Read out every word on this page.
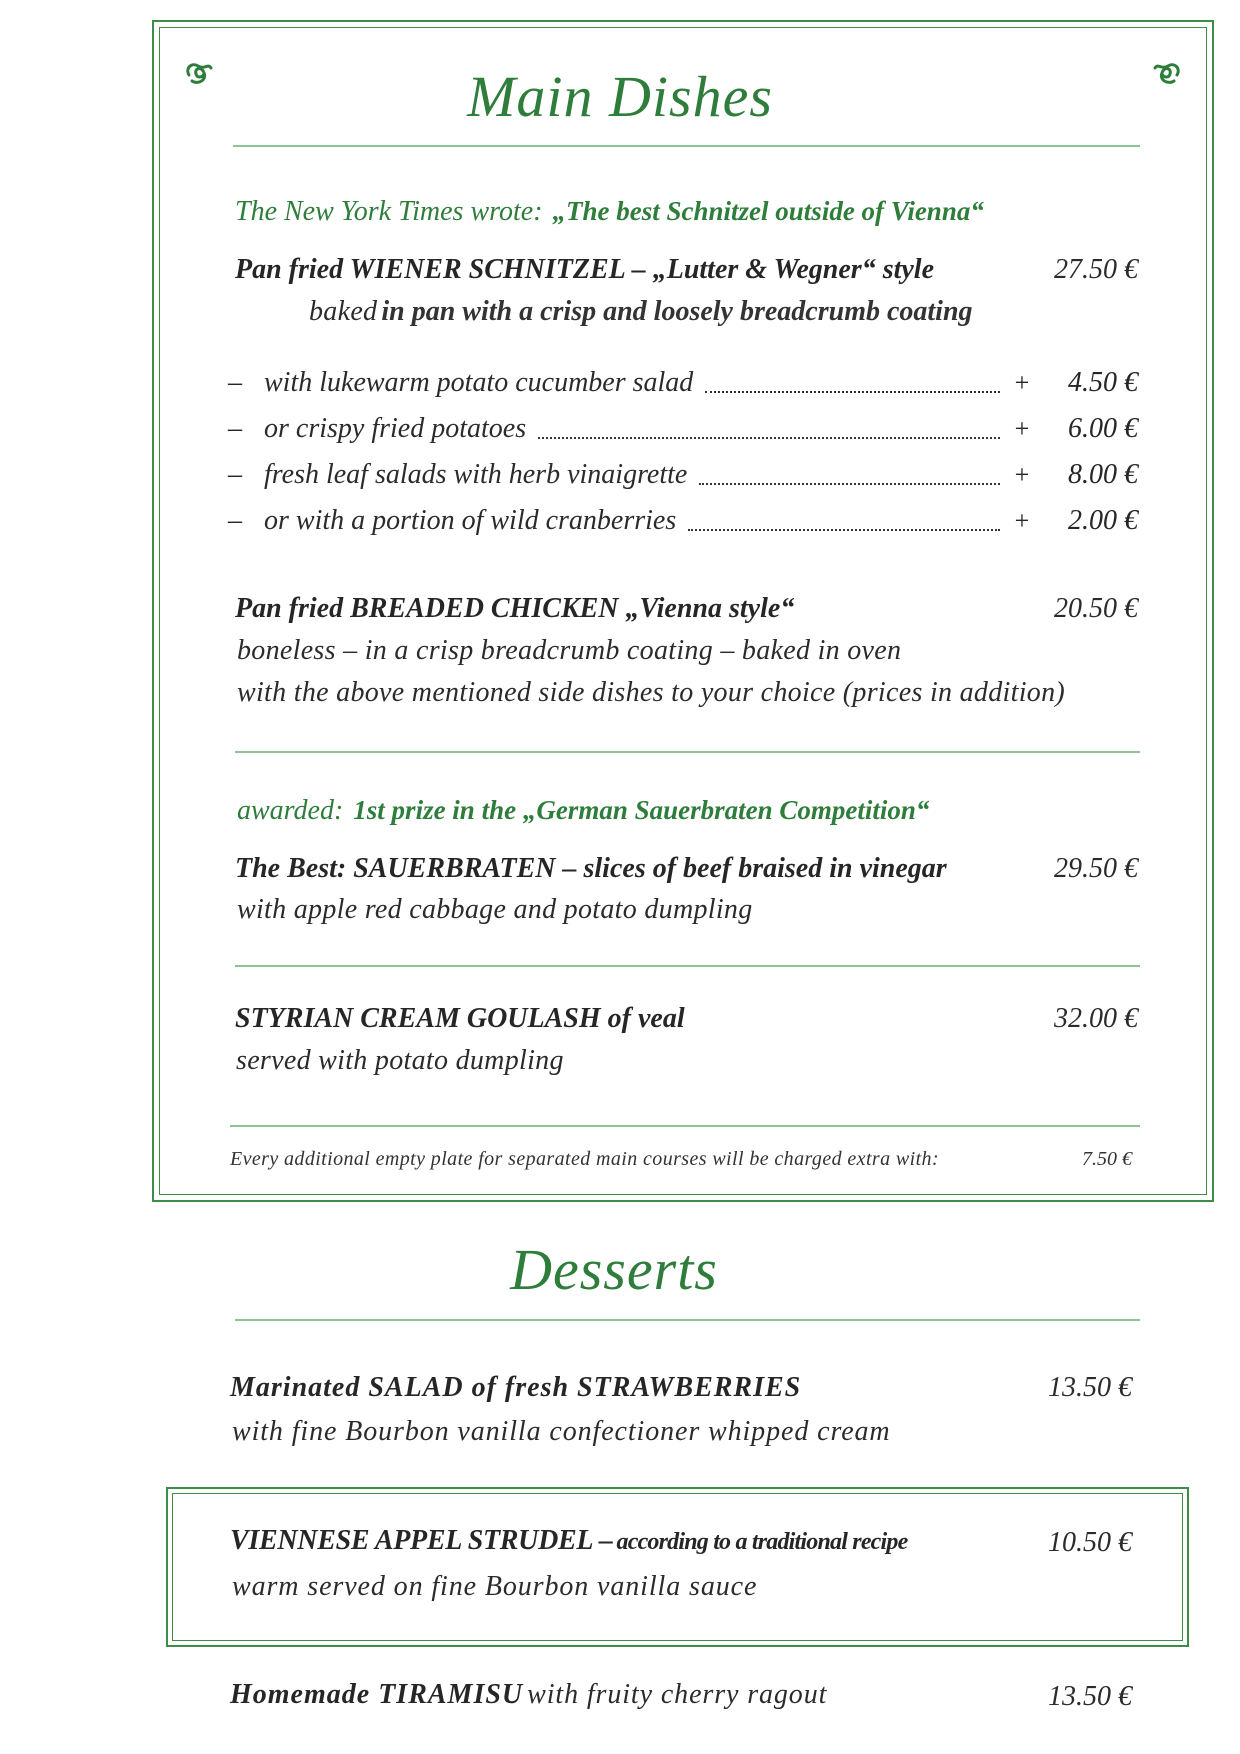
Main Dishes
The New York Times wrote: „The best Schnitzel outside of Vienna“
Pan fried WIENER SCHNITZEL – „Lutter & Wegner“ style	27.50 €
baked in pan with a crisp and loosely breadcrumb coating
– with lukewarm potato cucumber salad	+	4.50 €
– or crispy fried potatoes	+	6.00 €
– fresh leaf salads with herb vinaigrette	+	8.00 €
– or with a portion of wild cranberries	+	2.00 €
Pan fried BREADED CHICKEN „Vienna style“	20.50 €
boneless – in a crisp breadcrumb coating – baked in oven
with the above mentioned side dishes to your choice (prices in addition)
awarded: 1st prize in the „German Sauerbraten Competition“
The Best: SAUERBRATEN – slices of beef braised in vinegar	29.50 €
with apple red cabbage and potato dumpling
STYRIAN CREAM GOULASH of veal	32.00 €
served with potato dumpling
Every additional empty plate for separated main courses will be charged extra with:	7.50 €
Desserts
Marinated SALAD of fresh STRAWBERRIES	13.50 €
with fine Bourbon vanilla confectioner whipped cream
VIENNESE APPEL STRUDEL – according to a traditional recipe	10.50 €
warm served on fine Bourbon vanilla sauce
Homemade TIRAMISU with fruity cherry ragout	13.50 €
